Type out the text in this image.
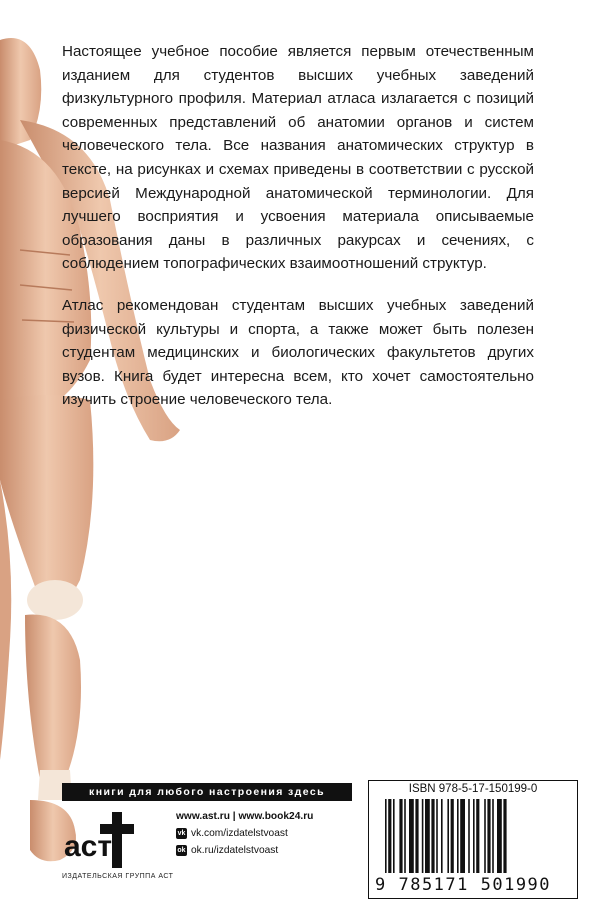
Настоящее учебное пособие является первым отечественным изданием для студентов высших учебных заведений физкультурного профиля. Материал атласа излагается с позиций современных представлений об анатомии органов и систем человеческого тела. Все названия анатомических структур в тексте, на рисунках и схемах приведены в соответствии с русской версией Международной анатомической терминологии. Для лучшего восприятия и усвоения материала описываемые образования даны в различных ракурсах и сечениях, с соблюдением топографических взаимоотношений структур.

Атлас рекомендован студентам высших учебных заведений физической культуры и спорта, а также может быть полезен студентам медицинских и биологических факультетов других вузов. Книга будет интересна всем, кто хочет самостоятельно изучить строение человеческого тела.

книги для любого настроения здесь
аст
ИЗДАТЕЛЬСКАЯ ГРУППА АСТ
www.ast.ru | www.book24.ru
vk vk.com/izdatelstvoast
ok ok.ru/izdatelstvoast
ISBN 978-5-17-150199-0
9 785171 501990
